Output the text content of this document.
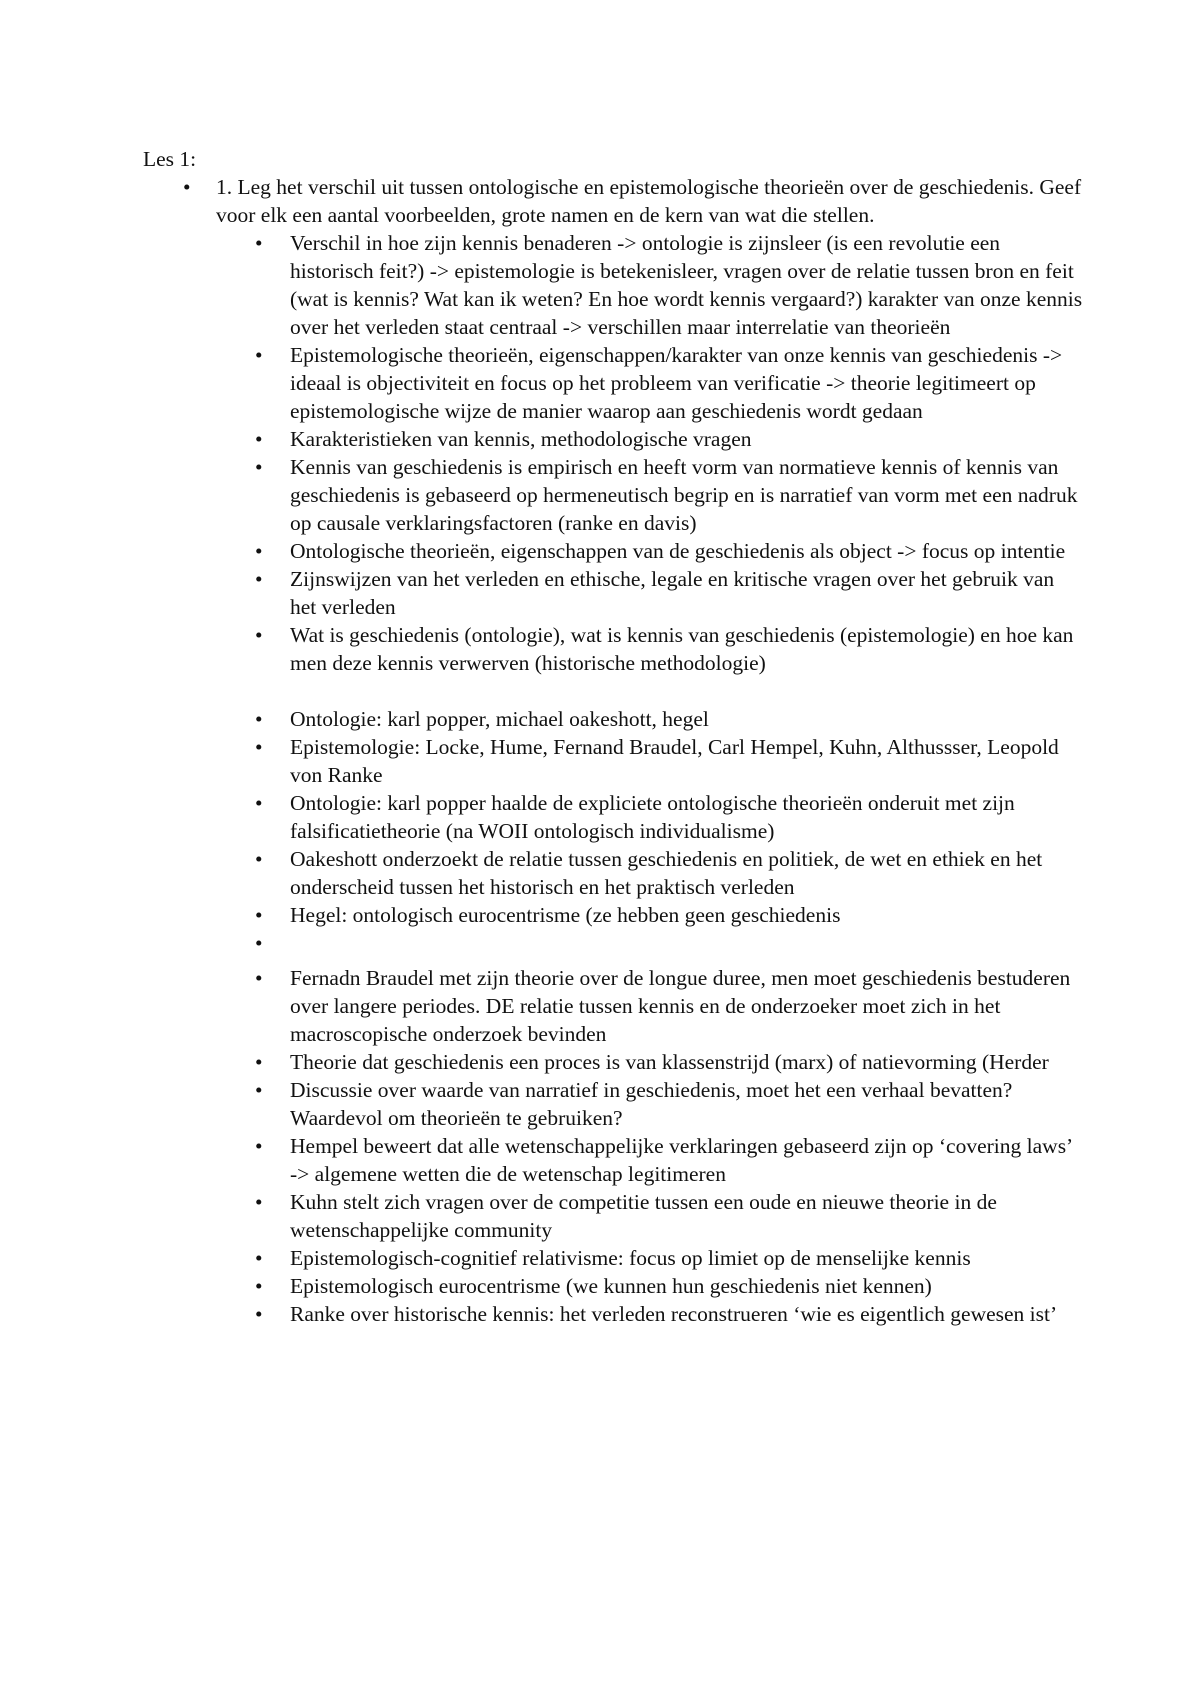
Les 1:

• 1. Leg het verschil uit tussen ontologische en epistemologische theorieën over de geschiedenis. Geef voor elk een aantal voorbeelden, grote namen en de kern van wat die stellen.
• Verschil in hoe zijn kennis benaderen -> ontologie is zijnsleer (is een revolutie een historisch feit?) -> epistemologie is betekenisleer, vragen over de relatie tussen bron en feit (wat is kennis? Wat kan ik weten? En hoe wordt kennis vergaard?) karakter van onze kennis over het verleden staat centraal -> verschillen maar interrelatie van theorieën
• Epistemologische theorieën, eigenschappen/karakter van onze kennis van geschiedenis -> ideaal is objectiviteit en focus op het probleem van verificatie -> theorie legitimeert op epistemologische wijze de manier waarop aan geschiedenis wordt gedaan
• Karakteristieken van kennis, methodologische vragen
• Kennis van geschiedenis is empirisch en heeft vorm van normatieve kennis of kennis van geschiedenis is gebaseerd op hermeneutisch begrip en is narratief van vorm met een nadruk op causale verklaringsfactoren (ranke en davis)
• Ontologische theorieën, eigenschappen van de geschiedenis als object -> focus op intentie
• Zijnswijzen van het verleden en ethische, legale en kritische vragen over het gebruik van het verleden
• Wat is geschiedenis (ontologie), wat is kennis van geschiedenis (epistemologie) en hoe kan men deze kennis verwerven (historische methodologie)
• Ontologie: karl popper, michael oakeshott, hegel
• Epistemologie: Locke, Hume, Fernand Braudel, Carl Hempel, Kuhn, Althussser, Leopold von Ranke
• Ontologie: karl popper haalde de expliciete ontologische theorieën onderuit met zijn falsificatietheorie (na WOII ontologisch individualisme)
• Oakeshott onderzoekt de relatie tussen geschiedenis en politiek, de wet en ethiek en het onderscheid tussen het historisch en het praktisch verleden
• Hegel: ontologisch eurocentrisme (ze hebben geen geschiedenis
•
• Fernadn Braudel met zijn theorie over de longue duree, men moet geschiedenis bestuderen over langere periodes. DE relatie tussen kennis en de onderzoeker moet zich in het macroscopische onderzoek bevinden
• Theorie dat geschiedenis een proces is van klassenstrijd (marx) of natievorming (Herder
• Discussie over waarde van narratief in geschiedenis, moet het een verhaal bevatten? Waardevol om theorieën te gebruiken?
• Hempel beweert dat alle wetenschappelijke verklaringen gebaseerd zijn op ‘covering laws’ -> algemene wetten die de wetenschap legitimeren
• Kuhn stelt zich vragen over de competitie tussen een oude en nieuwe theorie in de wetenschappelijke community
• Epistemologisch-cognitief relativisme: focus op limiet op de menselijke kennis
• Epistemologisch eurocentrisme (we kunnen hun geschiedenis niet kennen)
• Ranke over historische kennis: het verleden reconstrueren ‘wie es eigentlich gewesen ist’
